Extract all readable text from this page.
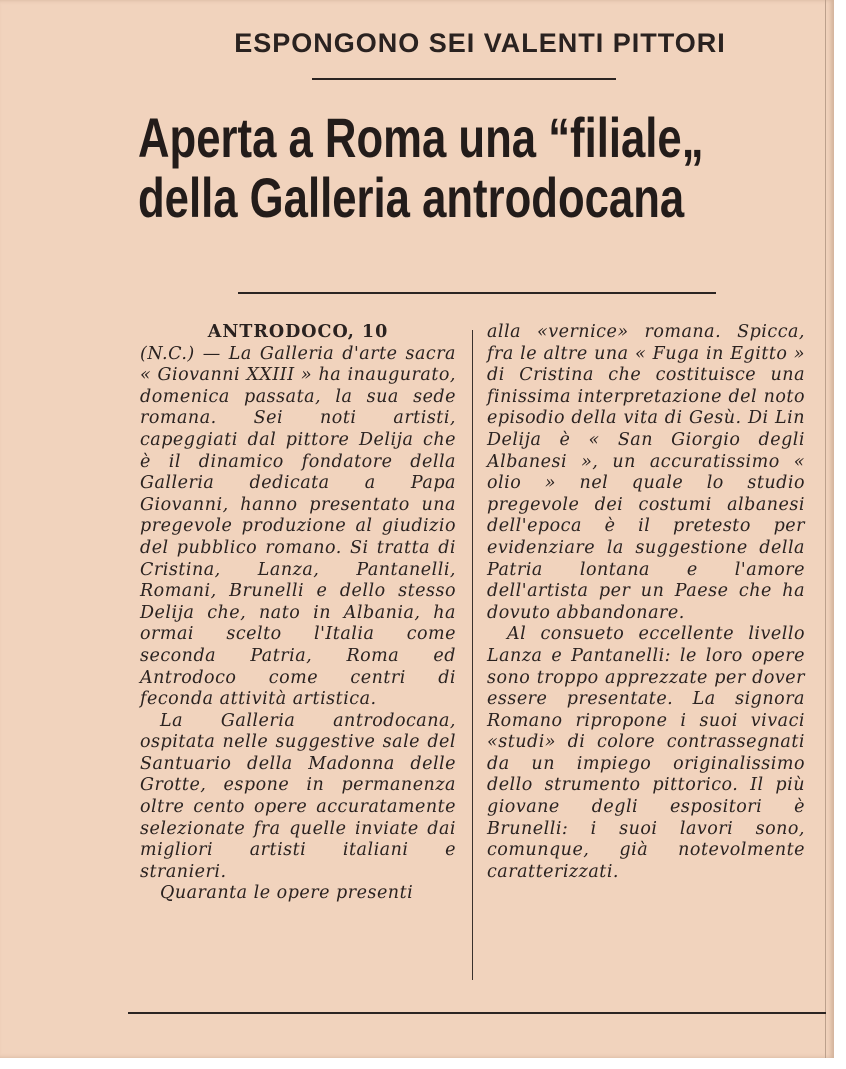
ESPONGONO SEI VALENTI PITTORI
Aperta a Roma una “filiale„
della Galleria antrodocana
ANTRODOCO, 10

(N.C.) — La Galleria d'arte sacra « Giovanni XXIII » ha inaugurato, domenica passata, la sua sede romana. Sei noti artisti, capeggiati dal pittore Delija che è il dinamico fondatore della Galleria dedicata a Papa Giovanni, hanno presentato una pregevole produzione al giudizio del pubblico romano. Si tratta di Cristina, Lanza, Pantanelli, Romani, Brunelli e dello stesso Delija che, nato in Albania, ha ormai scelto l'Italia come seconda Patria, Roma ed Antrodoco come centri di feconda attività artistica.

La Galleria antrodocana, ospitata nelle suggestive sale del Santuario della Madonna delle Grotte, espone in permanenza oltre cento opere accuratamente selezionate fra quelle inviate dai migliori artisti italiani e stranieri.

Quaranta le opere presenti

alla «vernice» romana. Spicca, fra le altre una « Fuga in Egitto » di Cristina che costituisce una finissima interpretazione del noto episodio della vita di Gesù. Di Lin Delija è « San Giorgio degli Albanesi », un accuratissimo « olio » nel quale lo studio pregevole dei costumi albanesi dell'epoca è il pretesto per evidenziare la suggestione della Patria lontana e l'amore dell'artista per un Paese che ha dovuto abbandonare.

Al consueto eccellente livello Lanza e Pantanelli: le loro opere sono troppo apprezzate per dover essere presentate. La signora Romano ripropone i suoi vivaci «studi» di colore contrassegnati da un impiego originalissimo dello strumento pittorico. Il più giovane degli espositori è Brunelli: i suoi lavori sono, comunque, già notevolmente caratterizzati.
